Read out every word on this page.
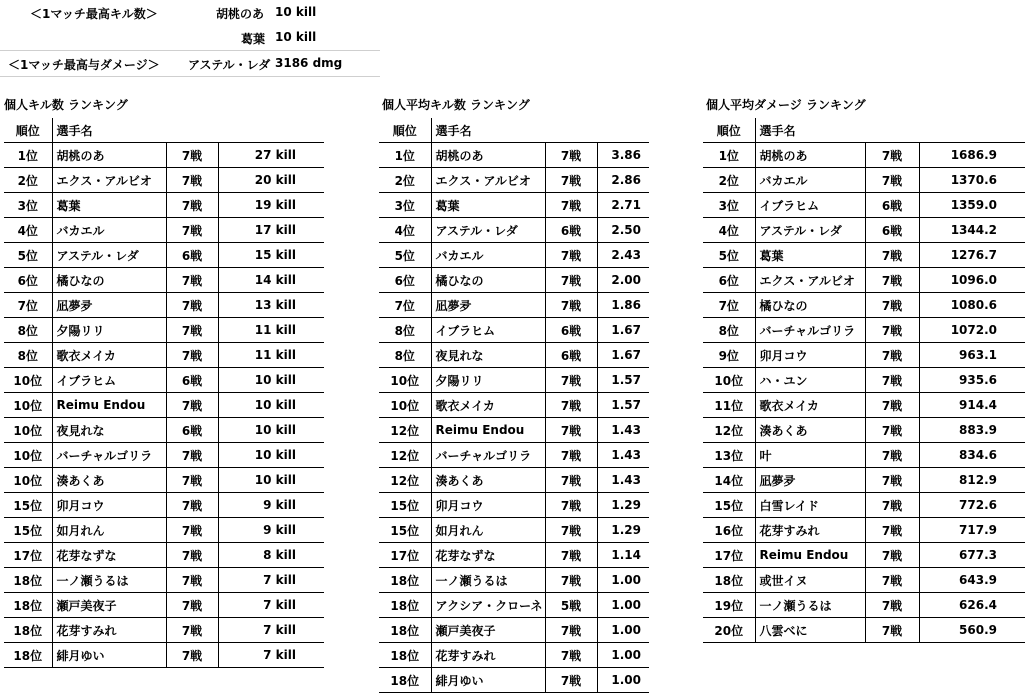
＜1マッチ最高キル数＞	胡桃のあ 10 kill
葛葉 10 kill
＜1マッチ最高与ダメージ＞ アステル・レダ 3186 dmg
個人キル数 ランキング
順位	選手名		
1位	胡桃のあ	7戦	27 kill
2位	エクス・アルビオ	7戦	20 kill
3位	葛葉	7戦	19 kill
4位	バカエル	7戦	17 kill
5位	アステル・レダ	6戦	15 kill
6位	橘ひなの	7戦	14 kill
7位	凪夢夛	7戦	13 kill
8位	夕陽リリ	7戦	11 kill
8位	歌衣メイカ	7戦	11 kill
10位	イブラヒム	6戦	10 kill
10位	Reimu Endou	7戦	10 kill
10位	夜見れな	6戦	10 kill
10位	バーチャルゴリラ	7戦	10 kill
10位	湊あくあ	7戦	10 kill
15位	卯月コウ	7戦	9 kill
15位	如月れん	7戦	9 kill
17位	花芽なずな	7戦	8 kill
18位	一ノ瀬うるは	7戦	7 kill
18位	瀬戸美夜子	7戦	7 kill
18位	花芽すみれ	7戦	7 kill
18位	緋月ゆい	7戦	7 kill
個人平均キル数 ランキング
順位	選手名		
1位	胡桃のあ	7戦	3.86
2位	エクス・アルビオ	7戦	2.86
3位	葛葉	7戦	2.71
4位	アステル・レダ	6戦	2.50
5位	バカエル	7戦	2.43
6位	橘ひなの	7戦	2.00
7位	凪夢夛	7戦	1.86
8位	イブラヒム	6戦	1.67
8位	夜見れな	6戦	1.67
10位	夕陽リリ	7戦	1.57
10位	歌衣メイカ	7戦	1.57
12位	Reimu Endou	7戦	1.43
12位	バーチャルゴリラ	7戦	1.43
12位	湊あくあ	7戦	1.43
15位	卯月コウ	7戦	1.29
15位	如月れん	7戦	1.29
17位	花芽なずな	7戦	1.14
18位	一ノ瀬うるは	7戦	1.00
18位	アクシア・クローネ	5戦	1.00
18位	瀬戸美夜子	7戦	1.00
18位	花芽すみれ	7戦	1.00
18位	緋月ゆい	7戦	1.00
個人平均ダメージ ランキング
順位	選手名		
1位	胡桃のあ	7戦	1686.9
2位	バカエル	7戦	1370.6
3位	イブラヒム	6戦	1359.0
4位	アステル・レダ	6戦	1344.2
5位	葛葉	7戦	1276.7
6位	エクス・アルビオ	7戦	1096.0
7位	橘ひなの	7戦	1080.6
8位	バーチャルゴリラ	7戦	1072.0
9位	卯月コウ	7戦	963.1
10位	ハ・ユン	7戦	935.6
11位	歌衣メイカ	7戦	914.4
12位	湊あくあ	7戦	883.9
13位	叶	7戦	834.6
14位	凪夢夛	7戦	812.9
15位	白雪レイド	7戦	772.6
16位	花芽すみれ	7戦	717.9
17位	Reimu Endou	7戦	677.3
18位	或世イヌ	7戦	643.9
19位	一ノ瀬うるは	7戦	626.4
20位	八雲べに	7戦	560.9
